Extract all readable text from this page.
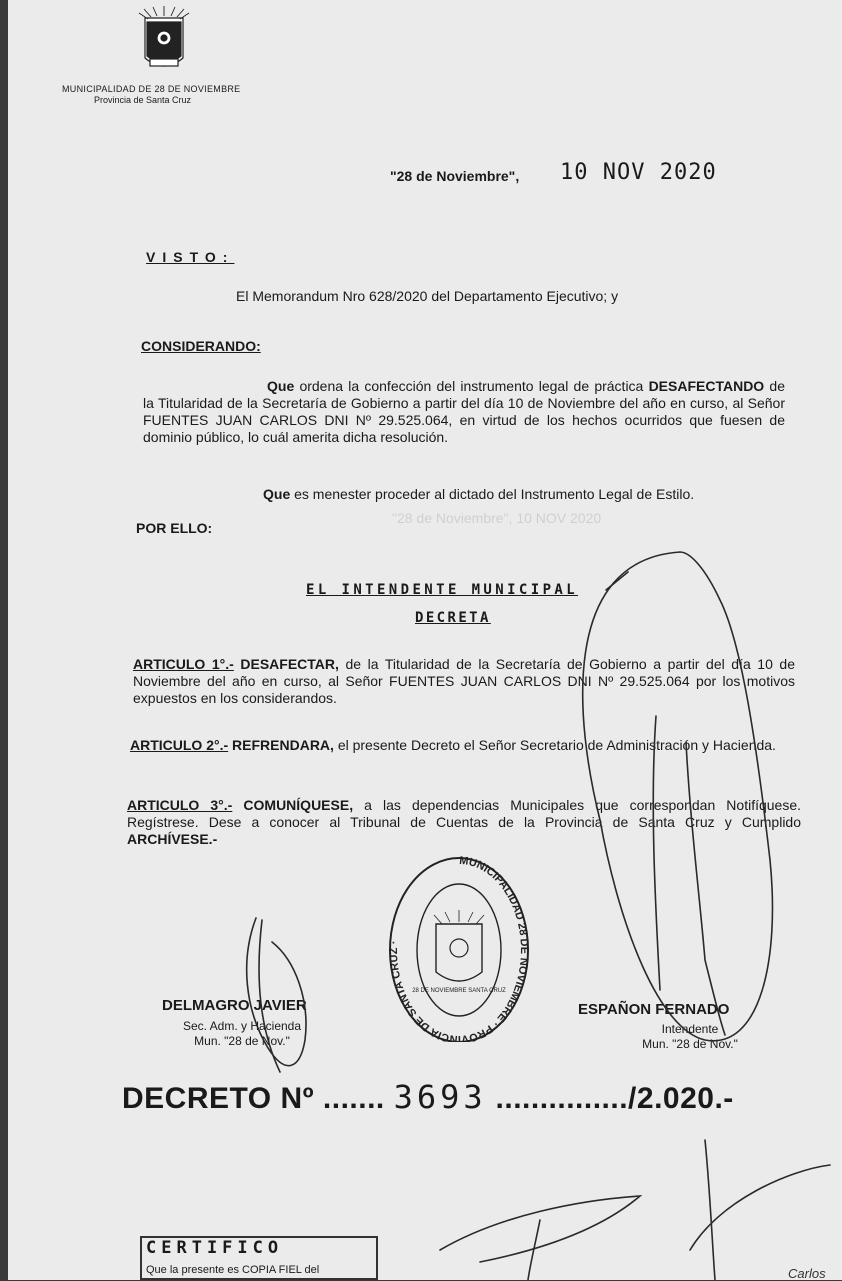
MUNICIPALIDAD DE 28 DE NOVIEMBRE
Provincia de Santa Cruz
"28 de Noviembre", 10 NOV 2020
VISTO:
El Memorandum Nro 628/2020 del Departamento Ejecutivo; y
CONSIDERANDO:
Que ordena la confección del instrumento legal de práctica DESAFECTANDO de la Titularidad de la Secretaría de Gobierno a partir del día 10 de Noviembre del año en curso, al Señor FUENTES JUAN CARLOS DNI Nº 29.525.064, en virtud de los hechos ocurridos que fuesen de dominio público, lo cuál amerita dicha resolución.
Que es menester proceder al dictado del Instrumento Legal de Estilo.
"28 de Noviembre", 10 NOV 2020
POR ELLO:
EL INTENDENTE MUNICIPAL
DECRETA
ARTICULO 1°.- DESAFECTAR, de la Titularidad de la Secretaría de Gobierno a partir del día 10 de Noviembre del año en curso, al Señor FUENTES JUAN CARLOS DNI Nº 29.525.064 por los motivos expuestos en los considerandos.
ARTICULO 2°.- REFRENDARA, el presente Decreto el Señor Secretario de Administración y Hacienda.
ARTICULO 3°.- COMUNÍQUESE, a las dependencias Municipales que correspondan Notifíquese. Regístrese. Dese a conocer al Tribunal de Cuentas de la Provincia de Santa Cruz y Cumplido ARCHÍVESE.-
MUNICIPALIDAD 28 DE NOVIEMBRE · PROVINCIA DE SANTA CRUZ ·
28 DE NOVIEMBRE SANTA CRUZ
DELMAGRO JAVIER
Sec. Adm. y Hacienda
Mun. "28 de Nov."
ESPAÑON FERNADO
Intendente
Mun. "28 de Nov."
DECRETO Nº ....... 3693 .............../2.020.-
CERTIFICO
Que la presente es COPIA FIEL del	Carlos
